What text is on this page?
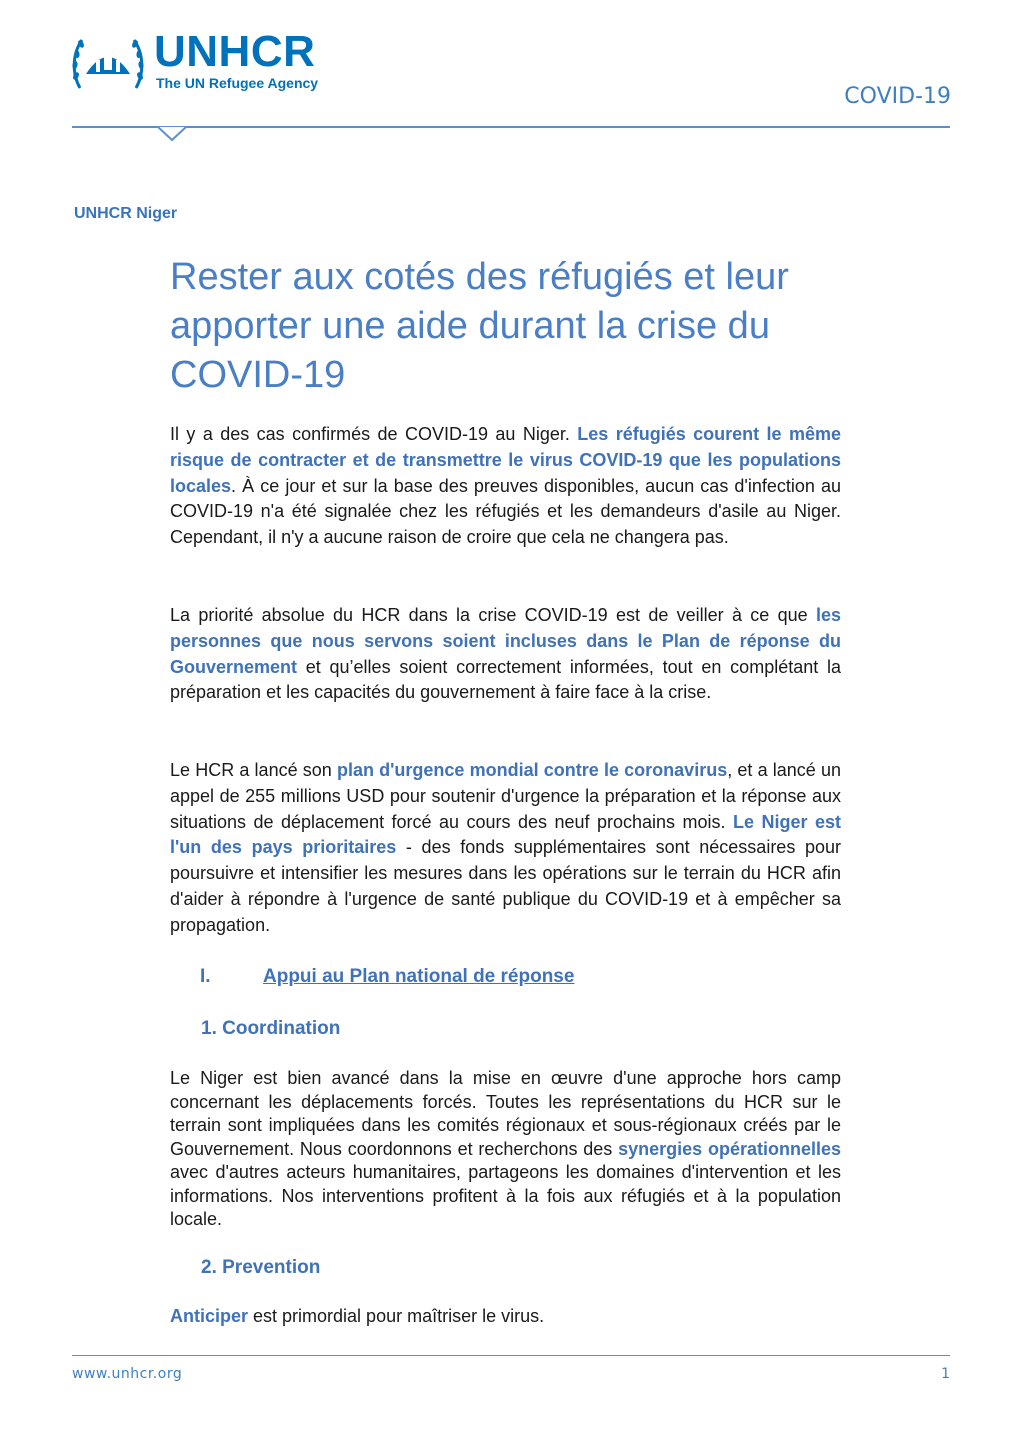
UNHCR
The UN Refugee Agency
COVID-19
UNHCR Niger
Rester aux cotés des réfugiés et leur apporter une aide durant la crise du COVID-19

Il y a des cas confirmés de COVID-19 au Niger. Les réfugiés courent le même risque de contracter et de transmettre le virus COVID-19 que les populations locales. À ce jour et sur la base des preuves disponibles, aucun cas d'infection au COVID-19 n'a été signalée chez les réfugiés et les demandeurs d'asile au Niger. Cependant, il n'y a aucune raison de croire que cela ne changera pas.

La priorité absolue du HCR dans la crise COVID-19 est de veiller à ce que les personnes que nous servons soient incluses dans le Plan de réponse du Gouvernement et qu’elles soient correctement informées, tout en complétant la préparation et les capacités du gouvernement à faire face à la crise.

Le HCR a lancé son plan d'urgence mondial contre le coronavirus, et a lancé un appel de 255 millions USD pour soutenir d'urgence la préparation et la réponse aux situations de déplacement forcé au cours des neuf prochains mois. Le Niger est l'un des pays prioritaires - des fonds supplémentaires sont nécessaires pour poursuivre et intensifier les mesures dans les opérations sur le terrain du HCR afin d'aider à répondre à l'urgence de santé publique du COVID-19 et à empêcher sa propagation.

I.	Appui au Plan national de réponse
1. Coordination

Le Niger est bien avancé dans la mise en œuvre d'une approche hors camp concernant les déplacements forcés. Toutes les représentations du HCR sur le terrain sont impliquées dans les comités régionaux et sous-régionaux créés par le Gouvernement. Nous coordonnons et recherchons des synergies opérationnelles avec d'autres acteurs humanitaires, partageons les domaines d'intervention et les informations. Nos interventions profitent à la fois aux réfugiés et à la population locale.

2. Prevention

Anticiper est primordial pour maîtriser le virus.

www.unhcr.org	1
